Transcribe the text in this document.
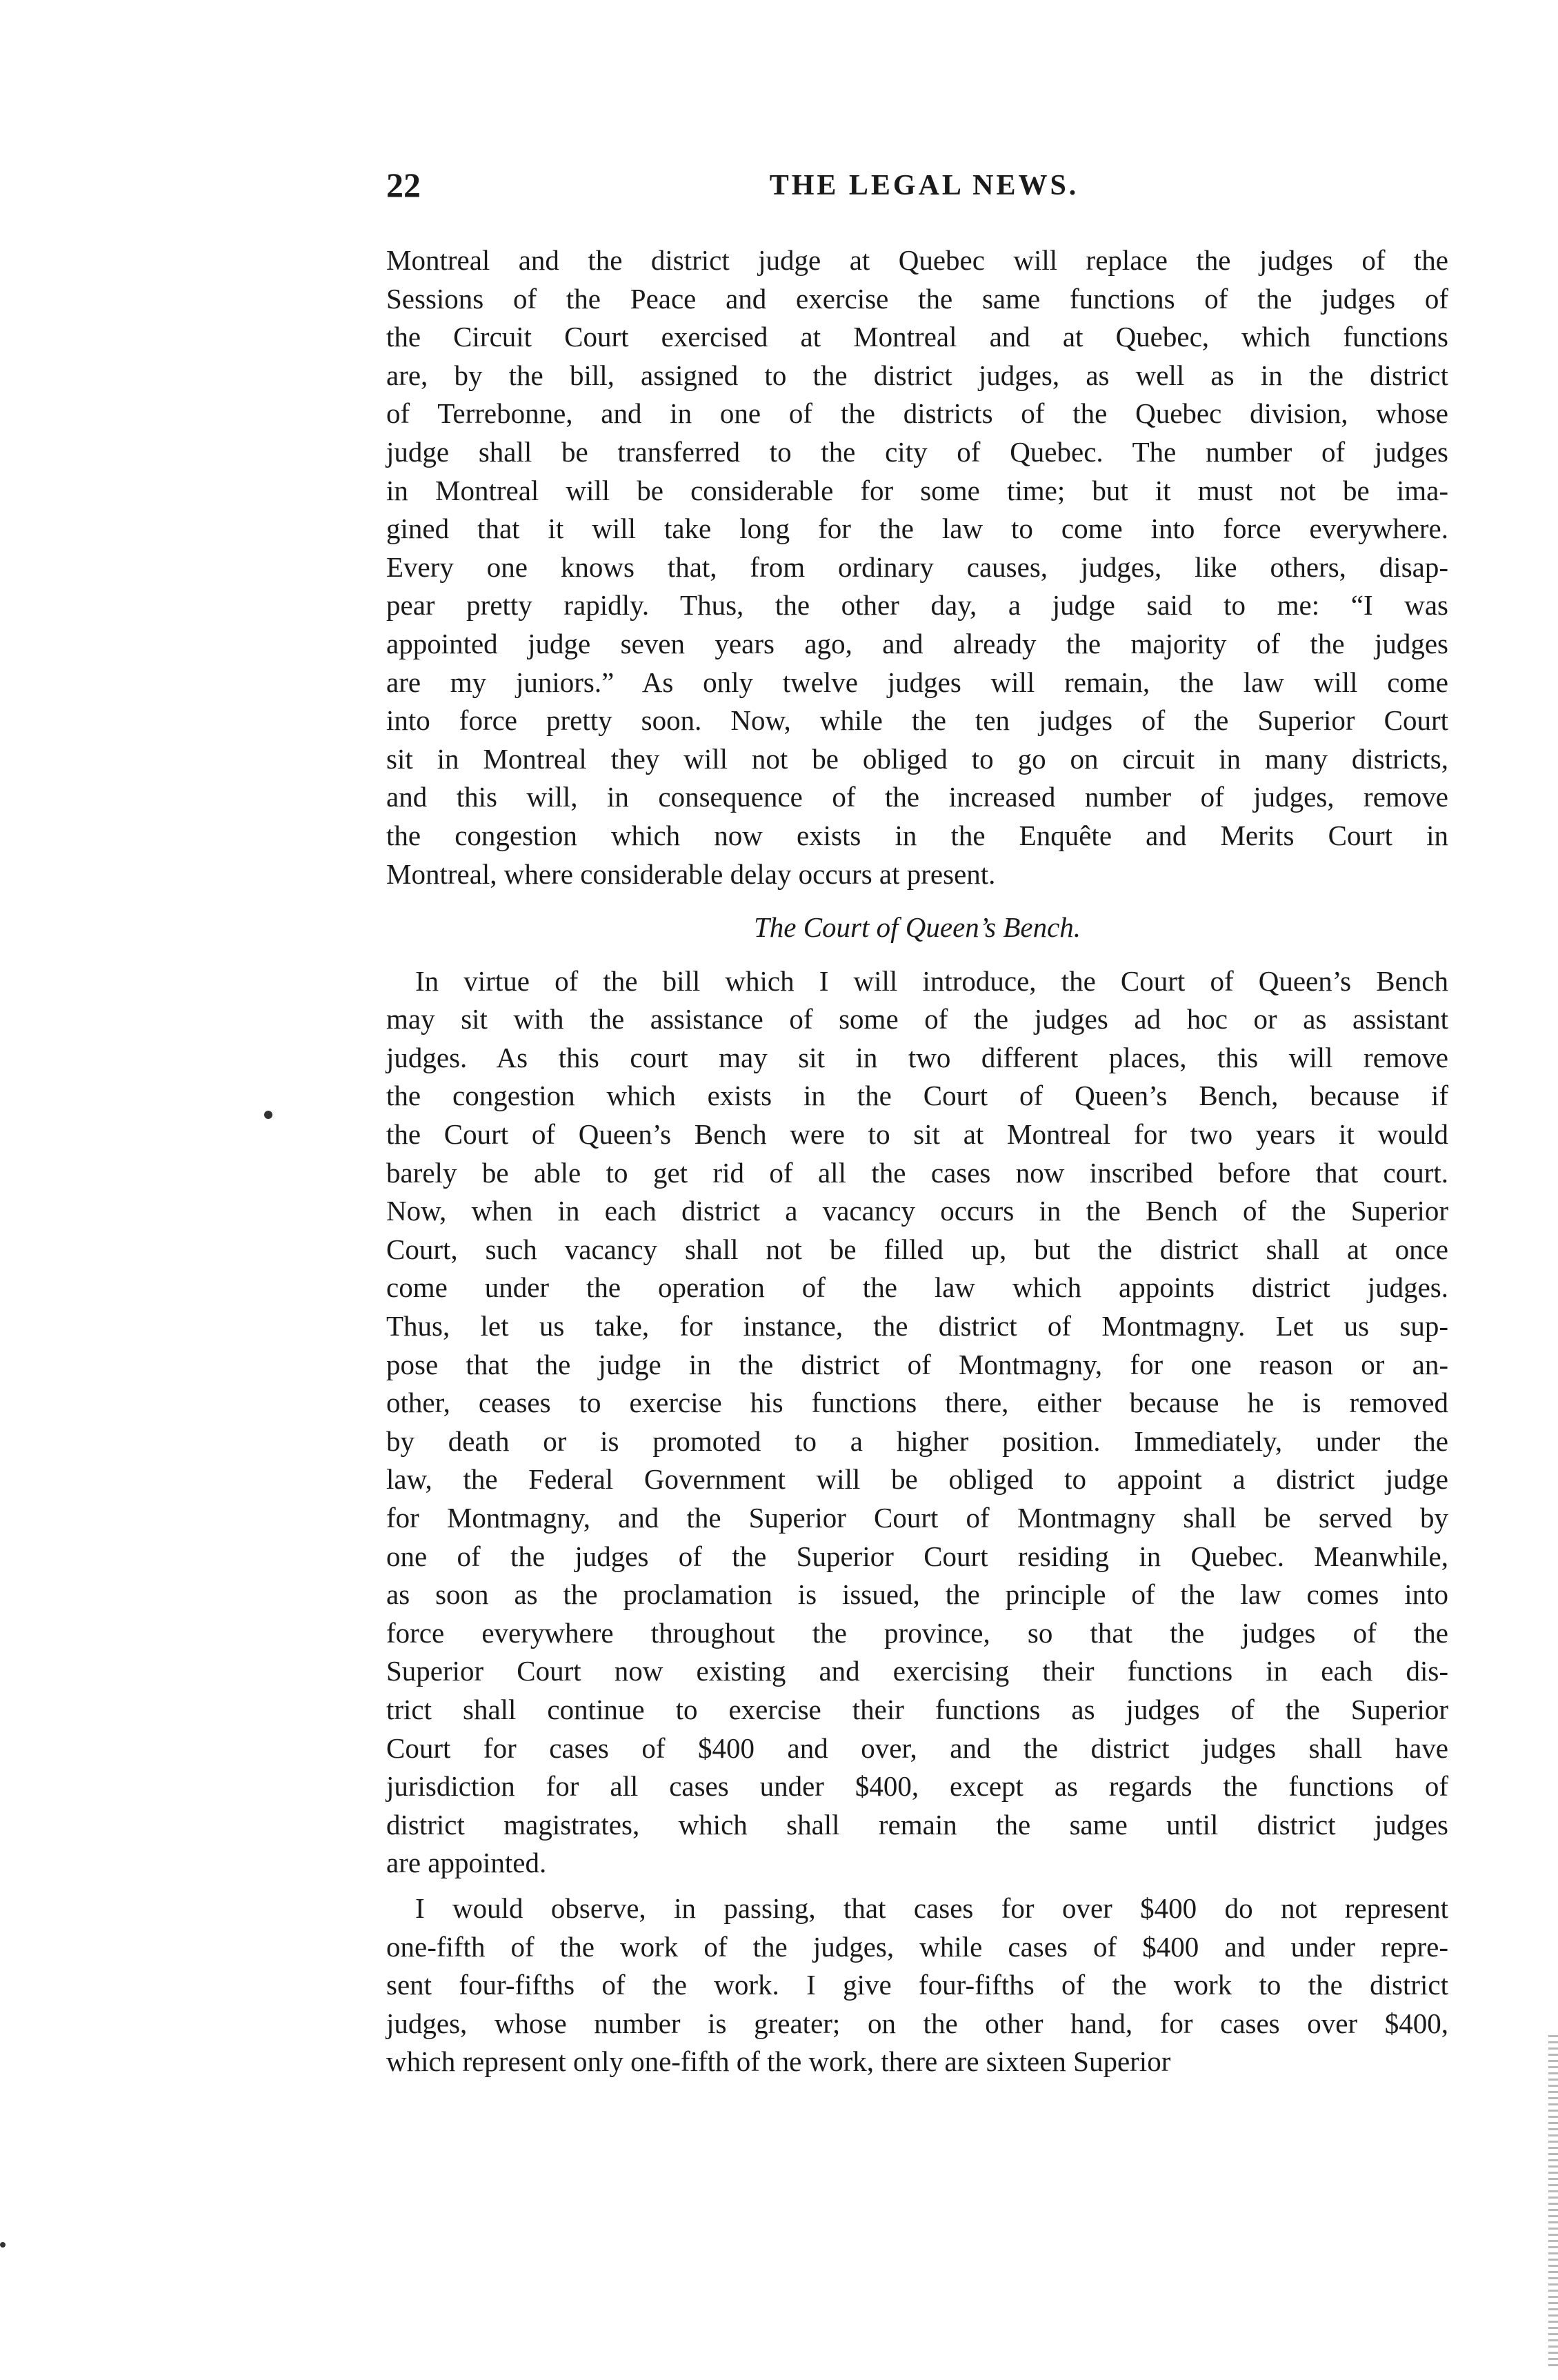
22	THE LEGAL NEWS.
Montreal and the district judge at Quebec will replace the judges of the
Sessions of the Peace and exercise the same functions of the judges of
the Circuit Court exercised at Montreal and at Quebec, which functions
are, by the bill, assigned to the district judges, as well as in the district
of Terrebonne, and in one of the districts of the Quebec division, whose
judge shall be transferred to the city of Quebec. The number of judges
in Montreal will be considerable for some time; but it must not be ima-
gined that it will take long for the law to come into force everywhere.
Every one knows that, from ordinary causes, judges, like others, disap-
pear pretty rapidly. Thus, the other day, a judge said to me: “I was
appointed judge seven years ago, and already the majority of the judges
are my juniors.” As only twelve judges will remain, the law will come
into force pretty soon. Now, while the ten judges of the Superior Court
sit in Montreal they will not be obliged to go on circuit in many districts,
and this will, in consequence of the increased number of judges, remove
the congestion which now exists in the Enquête and Merits Court in
Montreal, where considerable delay occurs at present.
The Court of Queen’s Bench.
In virtue of the bill which I will introduce, the Court of Queen’s Bench
may sit with the assistance of some of the judges ad hoc or as assistant
judges. As this court may sit in two different places, this will remove
the congestion which exists in the Court of Queen’s Bench, because if
the Court of Queen’s Bench were to sit at Montreal for two years it would
barely be able to get rid of all the cases now inscribed before that court.
Now, when in each district a vacancy occurs in the Bench of the Superior
Court, such vacancy shall not be filled up, but the district shall at once
come under the operation of the law which appoints district judges.
Thus, let us take, for instance, the district of Montmagny. Let us sup-
pose that the judge in the district of Montmagny, for one reason or an-
other, ceases to exercise his functions there, either because he is removed
by death or is promoted to a higher position. Immediately, under the
law, the Federal Government will be obliged to appoint a district judge
for Montmagny, and the Superior Court of Montmagny shall be served by
one of the judges of the Superior Court residing in Quebec. Meanwhile,
as soon as the proclamation is issued, the principle of the law comes into
force everywhere throughout the province, so that the judges of the
Superior Court now existing and exercising their functions in each dis-
trict shall continue to exercise their functions as judges of the Superior
Court for cases of $400 and over, and the district judges shall have
jurisdiction for all cases under $400, except as regards the functions of
district magistrates, which shall remain the same until district judges
are appointed.
I would observe, in passing, that cases for over $400 do not represent
one-fifth of the work of the judges, while cases of $400 and under repre-
sent four-fifths of the work. I give four-fifths of the work to the district
judges, whose number is greater; on the other hand, for cases over $400,
which represent only one-fifth of the work, there are sixteen Superior
